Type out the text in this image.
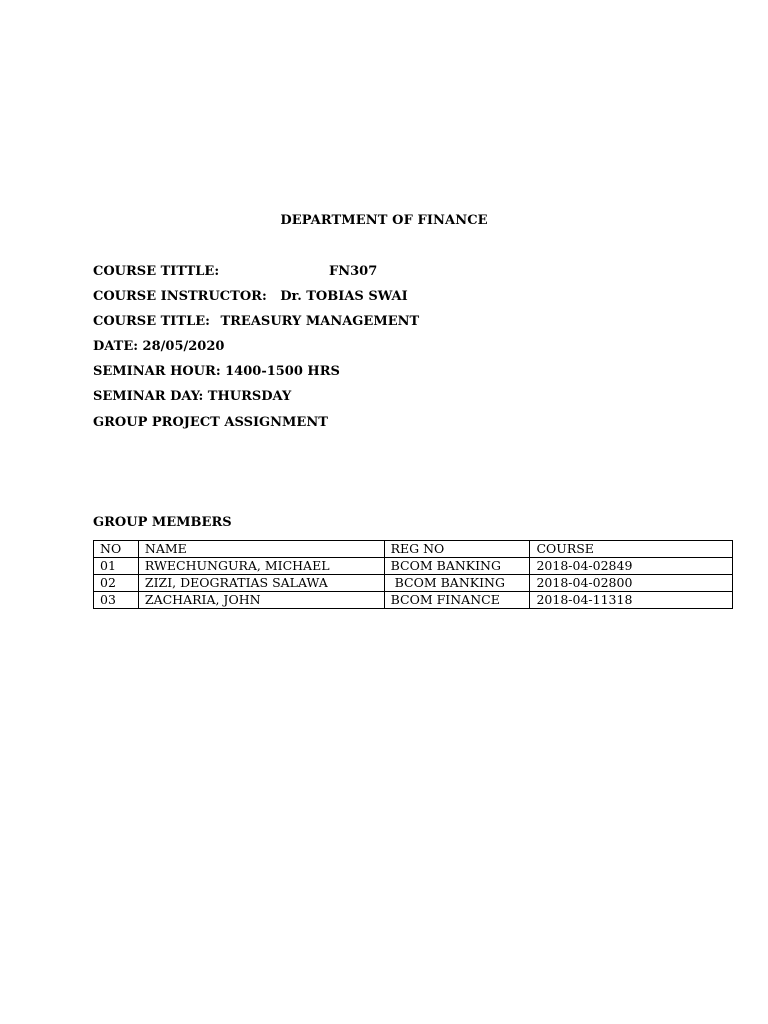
DEPARTMENT OF FINANCE
COURSE TITTLE:	FN307
COURSE INSTRUCTOR: Dr. TOBIAS SWAI
COURSE TITLE: TREASURY MANAGEMENT
DATE: 28/05/2020
SEMINAR HOUR: 1400-1500 HRS
SEMINAR DAY: THURSDAY
GROUP PROJECT ASSIGNMENT
GROUP MEMBERS
NO	NAME	REG NO	COURSE
01	RWECHUNGURA, MICHAEL	BCOM BANKING	2018-04-02849
02	ZIZI, DEOGRATIAS SALAWA	BCOM BANKING	2018-04-02800
03	ZACHARIA, JOHN	BCOM FINANCE	2018-04-11318
